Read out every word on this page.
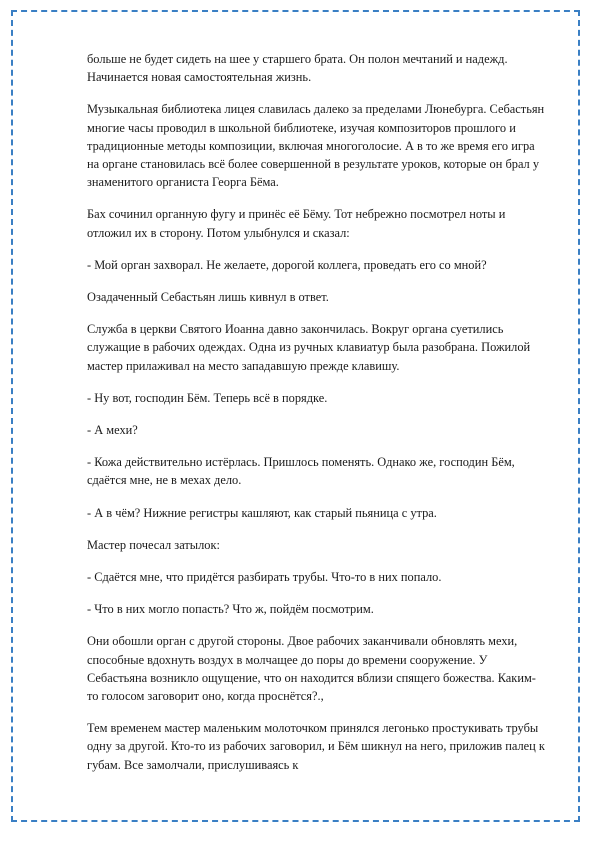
больше не будет сидеть на шее у старшего брата. Он полон мечтаний и надежд. Начинается новая самостоятельная жизнь.

Музыкальная библиотека лицея славилась далеко за пределами Люнебурга. Себастьян многие часы проводил в школьной библиотеке, изучая композиторов прошлого и традиционные методы композиции, включая многоголосие. А в то же время его игра на органе становилась всё более совершенной в результате уроков, которые он брал у знаменитого органиста Георга Бёма.

Бах сочинил органную фугу и принёс её Бёму. Тот небрежно посмотрел ноты и отложил их в сторону. Потом улыбнулся и сказал:

- Мой орган захворал. Не желаете, дорогой коллега, проведать его со мной?

Озадаченный Себастьян лишь кивнул в ответ.

Служба в церкви Святого Иоанна давно закончилась. Вокруг органа суетились служащие в рабочих одеждах. Одна из ручных клавиатур была разобрана. Пожилой мастер прилаживал на место западавшую прежде клавишу.

- Ну вот, господин Бём. Теперь всё в порядке.

- А мехи?

- Кожа действительно истёрлась. Пришлось поменять. Однако же, господин Бём, сдаётся мне, не в мехах дело.

- А в чём? Нижние регистры кашляют, как старый пьяница с утра.

Мастер почесал затылок:

- Сдаётся мне, что придётся разбирать трубы. Что-то в них попало.

- Что в них могло попасть? Что ж, пойдём посмотрим.

Они обошли орган с другой стороны. Двое рабочих заканчивали обновлять мехи, способные вдохнуть воздух в молчащее до поры до времени сооружение. У Себастьяна возникло ощущение, что он находится вблизи спящего божества. Каким-то голосом заговорит оно, когда проснётся?.,

Тем временем мастер маленьким молоточком принялся легонько простукивать трубы одну за другой. Кто-то из рабочих заговорил, и Бём шикнул на него, приложив палец к губам. Все замолчали, прислушиваясь к
